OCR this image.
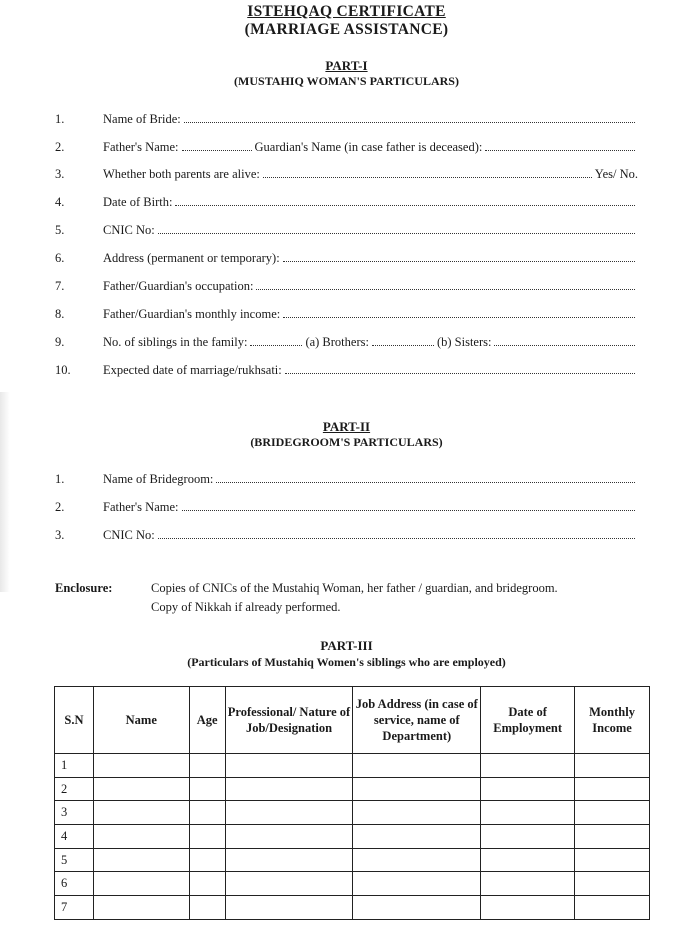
ISTEHQAQ CERTIFICATE
(MARRIAGE ASSISTANCE)
PART-I
(MUSTAHIQ WOMAN'S PARTICULARS)
1.	Name of Bride:
2.	Father's Name:	Guardian's Name (in case father is deceased):
3.	Whether both parents are alive:	Yes/ No.
4.	Date of Birth:
5.	CNIC No:
6.	Address (permanent or temporary):
7.	Father/Guardian's occupation:
8.	Father/Guardian's monthly income:
9.	No. of siblings in the family:	(a) Brothers:	(b) Sisters:
10.	Expected date of marriage/rukhsati:
PART-II
(BRIDEGROOM'S PARTICULARS)
1.	Name of Bridegroom:
2.	Father's Name:
3.	CNIC No:
Enclosure:	Copies of CNICs of the Mustahiq Woman, her father / guardian, and bridegroom.
Copy of Nikkah if already performed.
PART-III
(Particulars of Mustahiq Women's siblings who are employed)
S.N	Name	Age	Professional/ Nature of Job/Designation	Job Address (in case of service, name of Department)	Date of Employment	Monthly Income
1						
2						
3						
4						
5						
6						
7						
